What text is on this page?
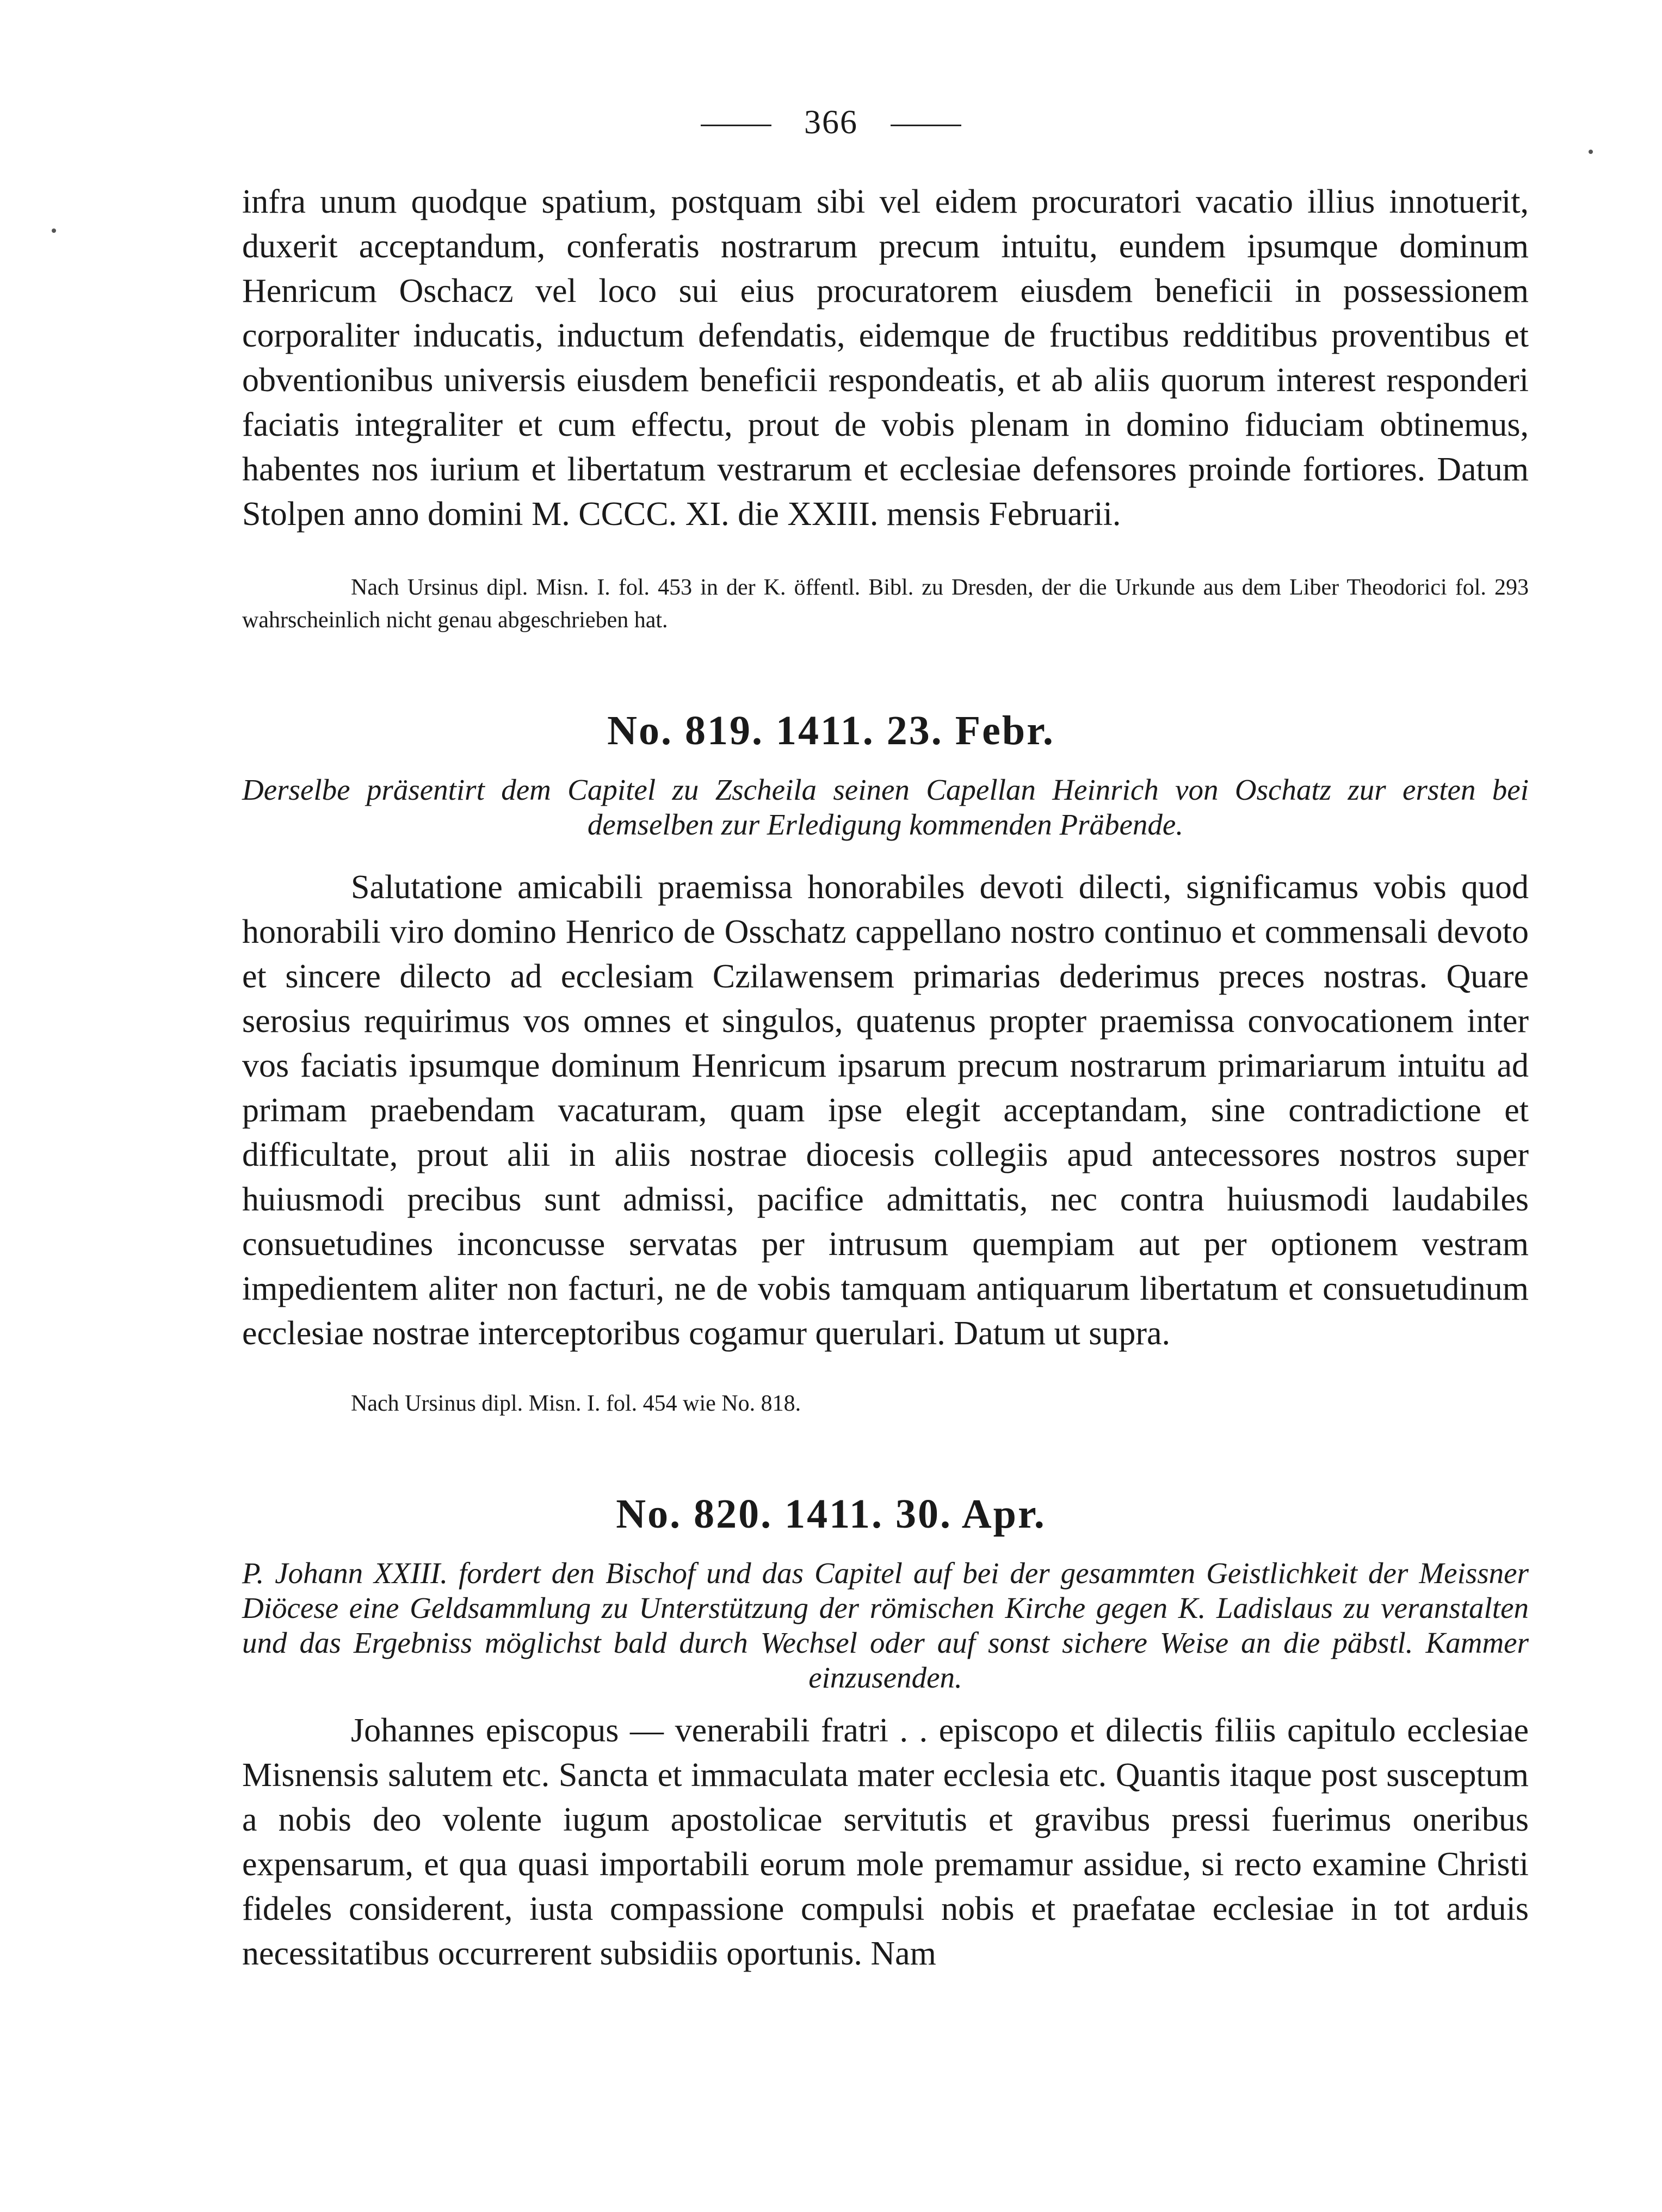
366

infra unum quodque spatium, postquam sibi vel eidem procuratori vacatio illius innotuerit, duxerit acceptandum, conferatis nostrarum precum intuitu, eundem ipsumque dominum Henricum Oschacz vel loco sui eius procuratorem eiusdem beneficii in possessionem corporaliter inducatis, inductum defendatis, eidemque de fructibus redditibus proventibus et obventionibus universis eiusdem beneficii respondeatis, et ab aliis quorum interest responderi faciatis integraliter et cum effectu, prout de vobis plenam in domino fiduciam obtinemus, habentes nos iurium et libertatum vestrarum et ecclesiae defensores proinde fortiores. Datum Stolpen anno domini M. CCCC. XI. die XXIII. mensis Februarii.

Nach Ursinus dipl. Misn. I. fol. 453 in der K. öffentl. Bibl. zu Dresden, der die Urkunde aus dem Liber Theodorici fol. 293 wahrscheinlich nicht genau abgeschrieben hat.

No. 819. 1411. 23. Febr.

Derselbe präsentirt dem Capitel zu Zscheila seinen Capellan Heinrich von Oschatz zur ersten bei demselben zur Erledigung kommenden Präbende.

Salutatione amicabili praemissa honorabiles devoti dilecti, significamus vobis quod honorabili viro domino Henrico de Osschatz cappellano nostro continuo et commensali devoto et sincere dilecto ad ecclesiam Czilawensem primarias dederimus preces nostras. Quare serosius requirimus vos omnes et singulos, quatenus propter praemissa convocationem inter vos faciatis ipsumque dominum Henricum ipsarum precum nostrarum primariarum intuitu ad primam praebendam vacaturam, quam ipse elegit acceptandam, sine contradictione et difficultate, prout alii in aliis nostrae diocesis collegiis apud antecessores nostros super huiusmodi precibus sunt admissi, pacifice admittatis, nec contra huiusmodi laudabiles consuetudines inconcusse servatas per intrusum quempiam aut per optionem vestram impedientem aliter non facturi, ne de vobis tamquam antiquarum libertatum et consuetudinum ecclesiae nostrae interceptoribus cogamur querulari. Datum ut supra.

Nach Ursinus dipl. Misn. I. fol. 454 wie No. 818.

No. 820. 1411. 30. Apr.

P. Johann XXIII. fordert den Bischof und das Capitel auf bei der gesammten Geistlichkeit der Meissner Diöcese eine Geldsammlung zu Unterstützung der römischen Kirche gegen K. Ladislaus zu veranstalten und das Ergebniss möglichst bald durch Wechsel oder auf sonst sichere Weise an die päbstl. Kammer einzusenden.

Johannes episcopus — venerabili fratri . . episcopo et dilectis filiis capitulo ecclesiae Misnensis salutem etc. Sancta et immaculata mater ecclesia etc. Quantis itaque post susceptum a nobis deo volente iugum apostolicae servitutis et gravibus pressi fuerimus oneribus expensarum, et qua quasi importabili eorum mole premamur assidue, si recto examine Christi fideles considerent, iusta compassione compulsi nobis et praefatae ecclesiae in tot arduis necessitatibus occurrerent subsidiis oportunis. Nam
